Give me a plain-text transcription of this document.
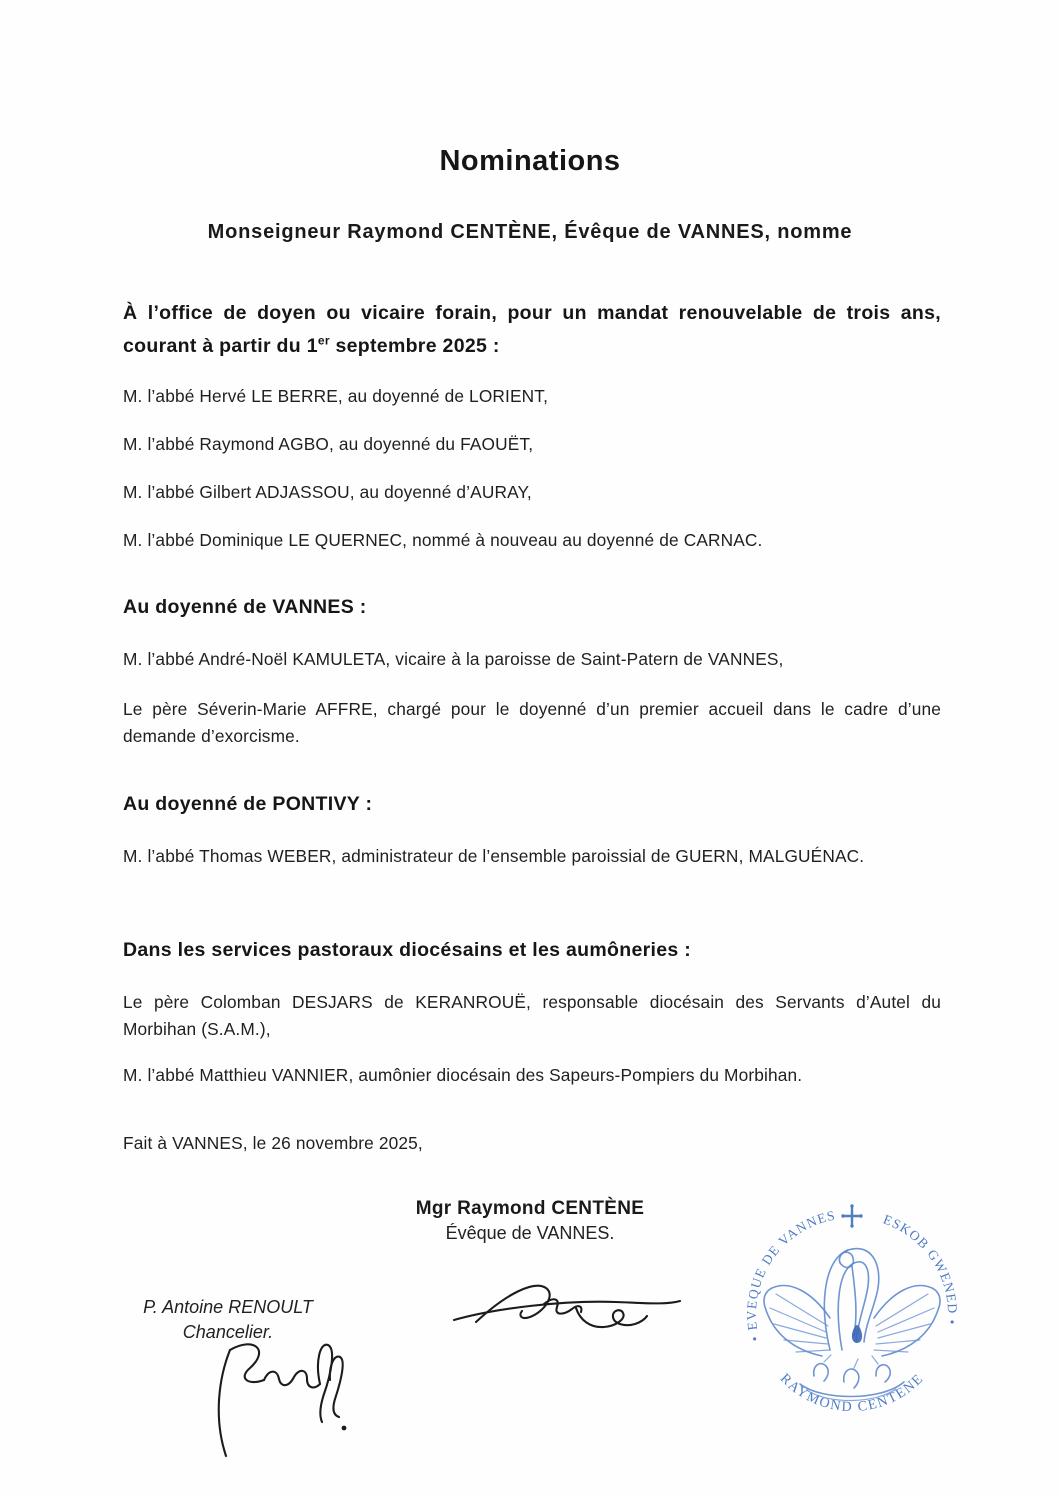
Nominations
Monseigneur Raymond CENTÈNE, Évêque de VANNES, nomme
À l’office de doyen ou vicaire forain, pour un mandat renouvelable de trois ans, courant à partir du 1er septembre 2025 :
M. l’abbé Hervé LE BERRE, au doyenné de LORIENT,
M. l’abbé Raymond AGBO, au doyenné du FAOUËT,
M. l’abbé Gilbert ADJASSOU, au doyenné d’AURAY,
M. l’abbé Dominique LE QUERNEC, nommé à nouveau au doyenné de CARNAC.
Au doyenné de VANNES :
M. l’abbé André-Noël KAMULETA, vicaire à la paroisse de Saint-Patern de VANNES,
Le père Séverin-Marie AFFRE, chargé pour le doyenné d’un premier accueil dans le cadre d’une demande d’exorcisme.
Au doyenné de PONTIVY :
M. l’abbé Thomas WEBER, administrateur de l’ensemble paroissial de GUERN, MALGUÉNAC.
Dans les services pastoraux diocésains et les aumôneries :
Le père Colomban DESJARS de KERANROUË, responsable diocésain des Servants d’Autel du Morbihan (S.A.M.),
M. l’abbé Matthieu VANNIER, aumônier diocésain des Sapeurs-Pompiers du Morbihan.
Fait à VANNES, le 26 novembre 2025,
Mgr Raymond CENTÈNE
Évêque de VANNES.
P. Antoine RENOULT
Chancelier.	• EVEQUE DE VANNES	ESKOB GWENED •
RAYMOND CENTENE
